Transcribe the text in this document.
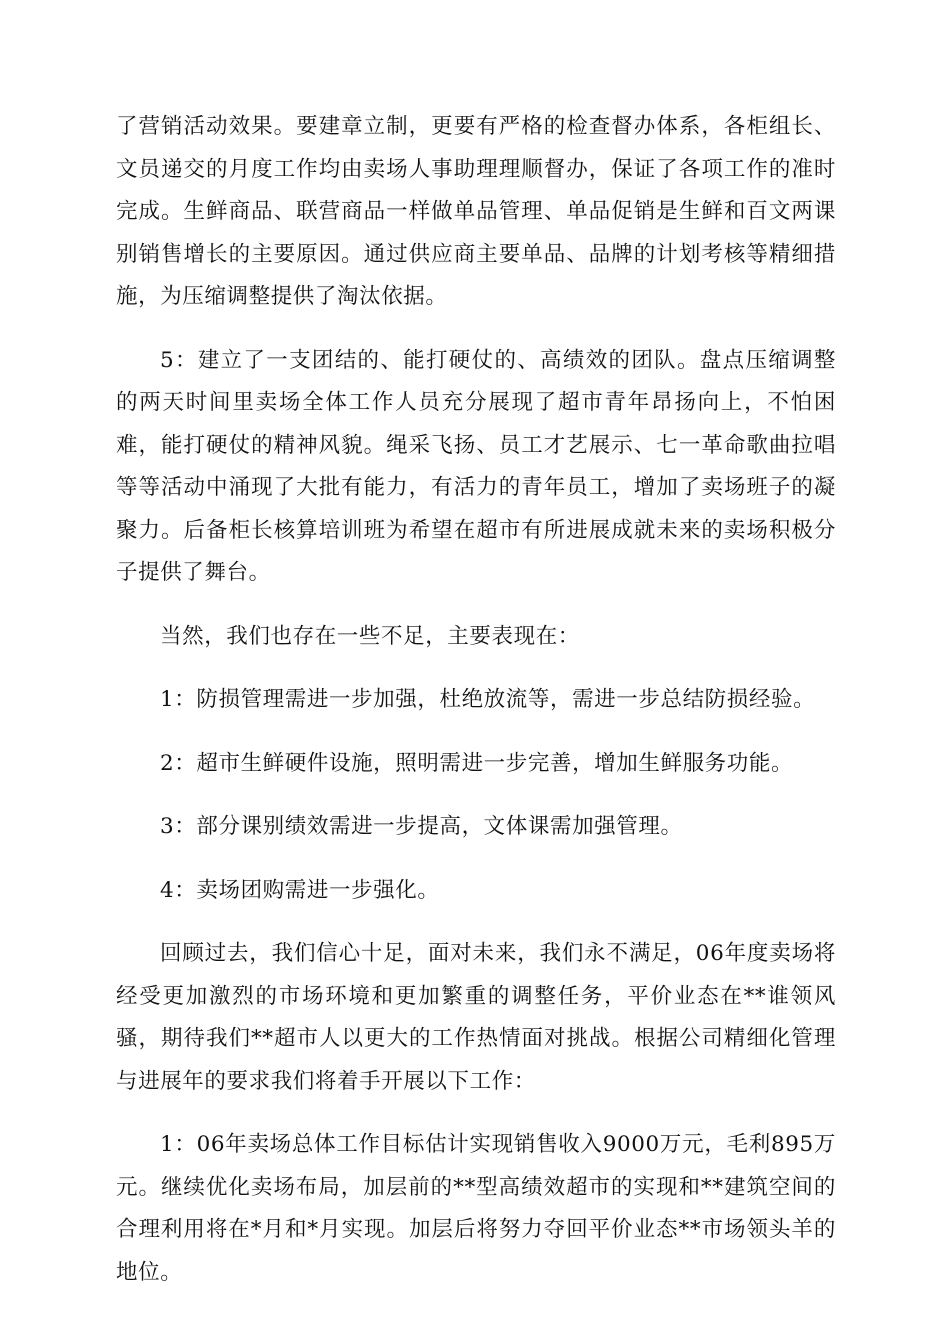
了营销活动效果。要建章立制，更要有严格的检查督办体系，各柜组长、文员递交的月度工作均由卖场人事助理理顺督办，保证了各项工作的准时完成。生鲜商品、联营商品一样做单品管理、单品促销是生鲜和百文两课别销售增长的主要原因。通过供应商主要单品、品牌的计划考核等精细措施，为压缩调整提供了淘汰依据。

5：建立了一支团结的、能打硬仗的、高绩效的团队。盘点压缩调整的两天时间里卖场全体工作人员充分展现了超市青年昂扬向上，不怕困难，能打硬仗的精神风貌。绳采飞扬、员工才艺展示、七一革命歌曲拉唱等等活动中涌现了大批有能力，有活力的青年员工，增加了卖场班子的凝聚力。后备柜长核算培训班为希望在超市有所进展成就未来的卖场积极分子提供了舞台。

当然，我们也存在一些不足，主要表现在：

1：防损管理需进一步加强，杜绝放流等，需进一步总结防损经验。

2：超市生鲜硬件设施，照明需进一步完善，增加生鲜服务功能。

3：部分课别绩效需进一步提高，文体课需加强管理。

4：卖场团购需进一步强化。

回顾过去，我们信心十足，面对未来，我们永不满足，06年度卖场将经受更加激烈的市场环境和更加繁重的调整任务，平价业态在**谁领风骚，期待我们**超市人以更大的工作热情面对挑战。根据公司精细化管理与进展年的要求我们将着手开展以下工作：

1：06年卖场总体工作目标估计实现销售收入9000万元，毛利895万元。继续优化卖场布局，加层前的**型高绩效超市的实现和**建筑空间的合理利用将在*月和*月实现。加层后将努力夺回平价业态**市场领头羊的地位。
